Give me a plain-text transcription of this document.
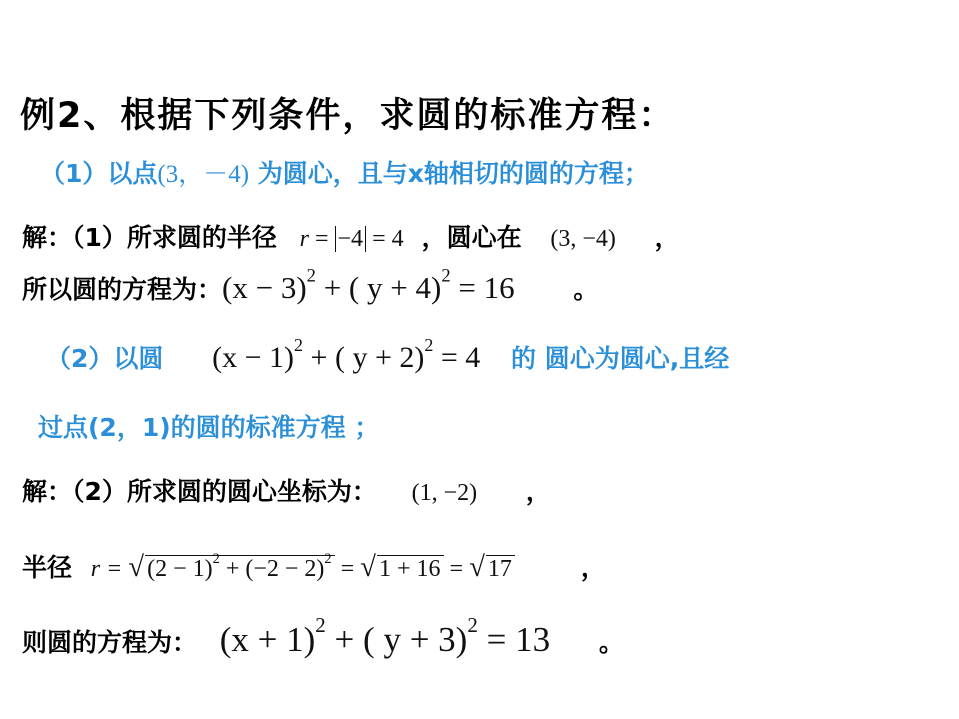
例2、根据下列条件，求圆的标准方程：
（1）以点(3，－4) 为圆心，且与x轴相切的圆的方程；
解：（1）所求圆的半径 r = −4 = 4 ，圆心在 (3, −4) ，
所以圆的方程为：$(x - 3)^2$ + ( y + 4)$^2$ = 16 。
（2）以圆 $(x - 1)^2$ + ( y + 2)$^2$ = 4 的 圆心为圆心,且经
过点(2，1)的圆的标准方程 ；
解：（2）所求圆的圆心坐标为： (1, −2) ，
半径 r = √ $(2 - 1)^2 + (-2 - 2)^2$ = √ 1 + 16 = √ 17	，
则圆的方程为： $(x + 1)^2$ + ( y + 3)$^2$ = 13 。
